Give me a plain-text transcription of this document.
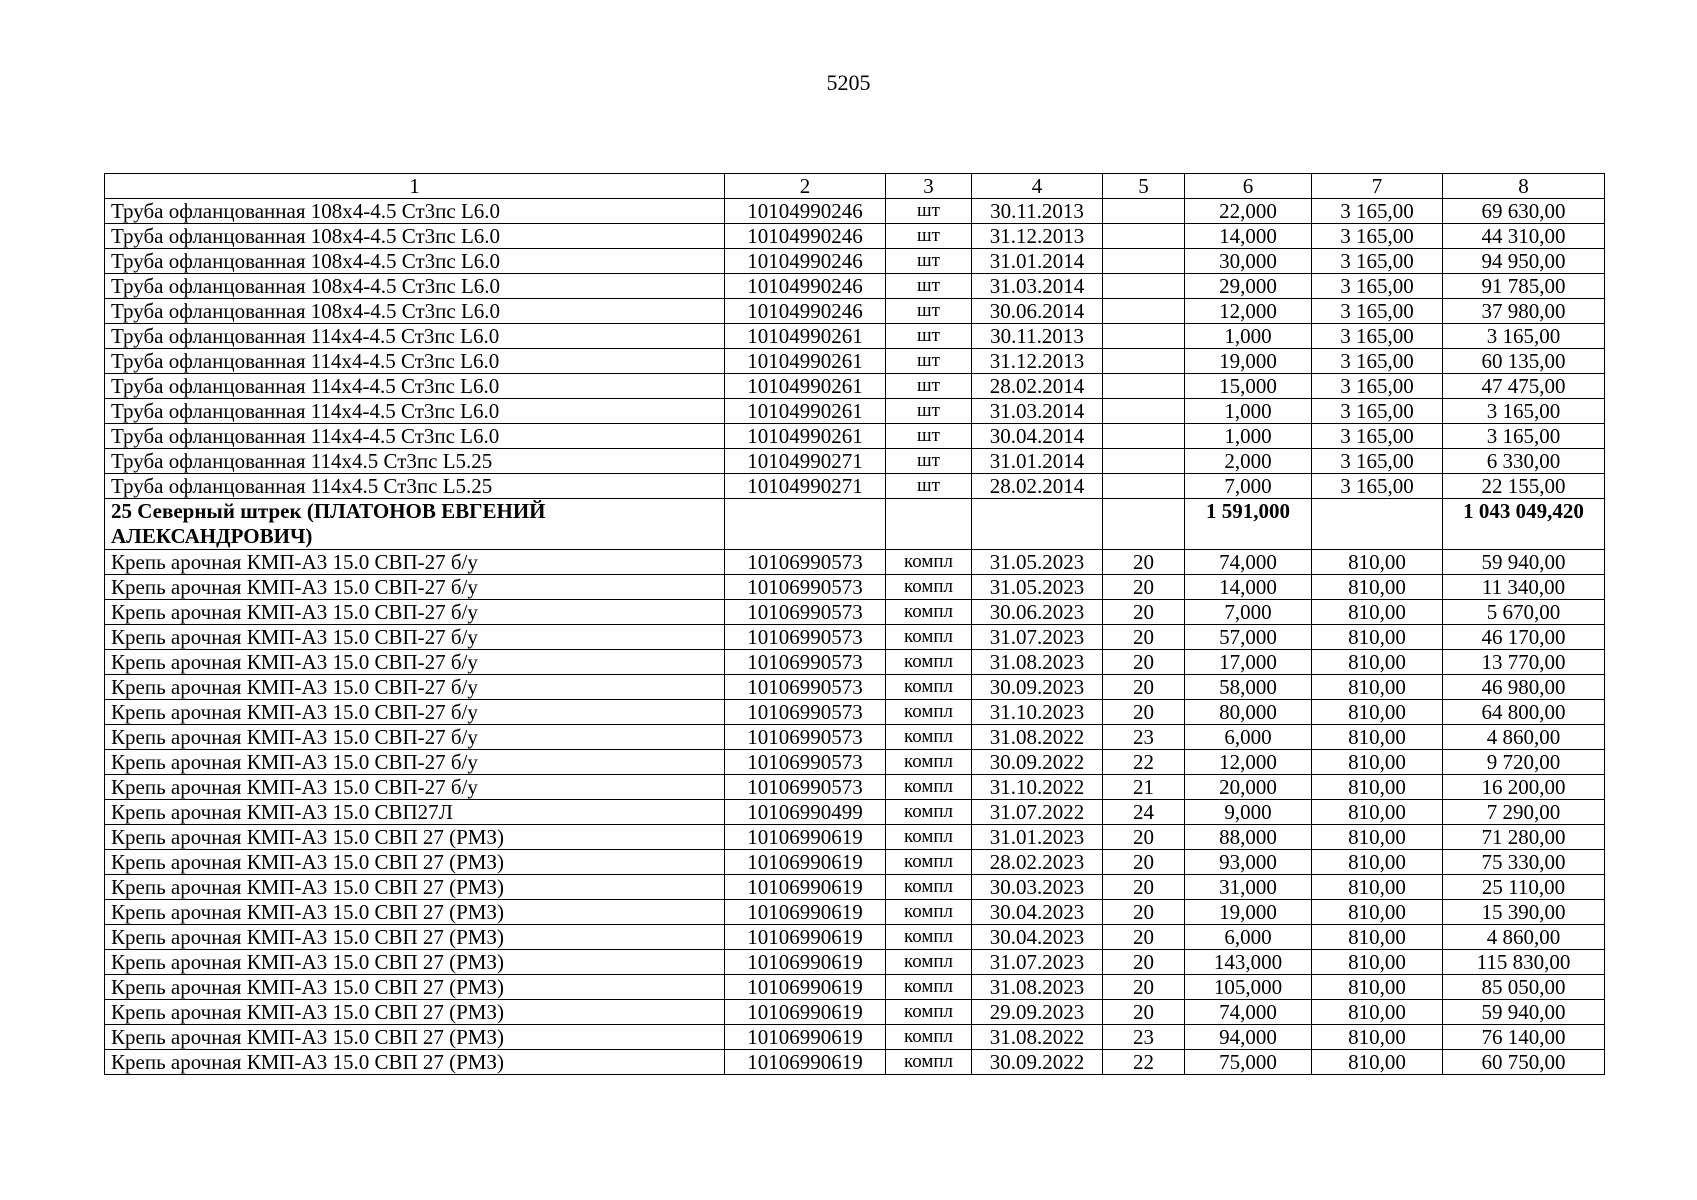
5205
1	2	3	4	5	6	7	8
Труба офланцованная 108х4-4.5 Ст3пс L6.0	10104990246	шт	30.11.2013		22,000	3 165,00	69 630,00
Труба офланцованная 108х4-4.5 Ст3пс L6.0	10104990246	шт	31.12.2013		14,000	3 165,00	44 310,00
Труба офланцованная 108х4-4.5 Ст3пс L6.0	10104990246	шт	31.01.2014		30,000	3 165,00	94 950,00
Труба офланцованная 108х4-4.5 Ст3пс L6.0	10104990246	шт	31.03.2014		29,000	3 165,00	91 785,00
Труба офланцованная 108х4-4.5 Ст3пс L6.0	10104990246	шт	30.06.2014		12,000	3 165,00	37 980,00
Труба офланцованная 114х4-4.5 Ст3пс L6.0	10104990261	шт	30.11.2013		1,000	3 165,00	3 165,00
Труба офланцованная 114х4-4.5 Ст3пс L6.0	10104990261	шт	31.12.2013		19,000	3 165,00	60 135,00
Труба офланцованная 114х4-4.5 Ст3пс L6.0	10104990261	шт	28.02.2014		15,000	3 165,00	47 475,00
Труба офланцованная 114х4-4.5 Ст3пс L6.0	10104990261	шт	31.03.2014		1,000	3 165,00	3 165,00
Труба офланцованная 114х4-4.5 Ст3пс L6.0	10104990261	шт	30.04.2014		1,000	3 165,00	3 165,00
Труба офланцованная 114х4.5 Ст3пс L5.25	10104990271	шт	31.01.2014		2,000	3 165,00	6 330,00
Труба офланцованная 114х4.5 Ст3пс L5.25	10104990271	шт	28.02.2014		7,000	3 165,00	22 155,00
25 Северный штрек (ПЛАТОНОВ ЕВГЕНИЙ АЛЕКСАНДРОВИЧ)					1 591,000		1 043 049,420
Крепь арочная КМП-А3 15.0 СВП-27 б/у	10106990573	компл	31.05.2023	20	74,000	810,00	59 940,00
Крепь арочная КМП-А3 15.0 СВП-27 б/у	10106990573	компл	31.05.2023	20	14,000	810,00	11 340,00
Крепь арочная КМП-А3 15.0 СВП-27 б/у	10106990573	компл	30.06.2023	20	7,000	810,00	5 670,00
Крепь арочная КМП-А3 15.0 СВП-27 б/у	10106990573	компл	31.07.2023	20	57,000	810,00	46 170,00
Крепь арочная КМП-А3 15.0 СВП-27 б/у	10106990573	компл	31.08.2023	20	17,000	810,00	13 770,00
Крепь арочная КМП-А3 15.0 СВП-27 б/у	10106990573	компл	30.09.2023	20	58,000	810,00	46 980,00
Крепь арочная КМП-А3 15.0 СВП-27 б/у	10106990573	компл	31.10.2023	20	80,000	810,00	64 800,00
Крепь арочная КМП-А3 15.0 СВП-27 б/у	10106990573	компл	31.08.2022	23	6,000	810,00	4 860,00
Крепь арочная КМП-А3 15.0 СВП-27 б/у	10106990573	компл	30.09.2022	22	12,000	810,00	9 720,00
Крепь арочная КМП-А3 15.0 СВП-27 б/у	10106990573	компл	31.10.2022	21	20,000	810,00	16 200,00
Крепь арочная КМП-А3 15.0 СВП27Л	10106990499	компл	31.07.2022	24	9,000	810,00	7 290,00
Крепь арочная КМП-А3 15.0 СВП 27 (РМЗ)	10106990619	компл	31.01.2023	20	88,000	810,00	71 280,00
Крепь арочная КМП-А3 15.0 СВП 27 (РМЗ)	10106990619	компл	28.02.2023	20	93,000	810,00	75 330,00
Крепь арочная КМП-А3 15.0 СВП 27 (РМЗ)	10106990619	компл	30.03.2023	20	31,000	810,00	25 110,00
Крепь арочная КМП-А3 15.0 СВП 27 (РМЗ)	10106990619	компл	30.04.2023	20	19,000	810,00	15 390,00
Крепь арочная КМП-А3 15.0 СВП 27 (РМЗ)	10106990619	компл	30.04.2023	20	6,000	810,00	4 860,00
Крепь арочная КМП-А3 15.0 СВП 27 (РМЗ)	10106990619	компл	31.07.2023	20	143,000	810,00	115 830,00
Крепь арочная КМП-А3 15.0 СВП 27 (РМЗ)	10106990619	компл	31.08.2023	20	105,000	810,00	85 050,00
Крепь арочная КМП-А3 15.0 СВП 27 (РМЗ)	10106990619	компл	29.09.2023	20	74,000	810,00	59 940,00
Крепь арочная КМП-А3 15.0 СВП 27 (РМЗ)	10106990619	компл	31.08.2022	23	94,000	810,00	76 140,00
Крепь арочная КМП-А3 15.0 СВП 27 (РМЗ)	10106990619	компл	30.09.2022	22	75,000	810,00	60 750,00
